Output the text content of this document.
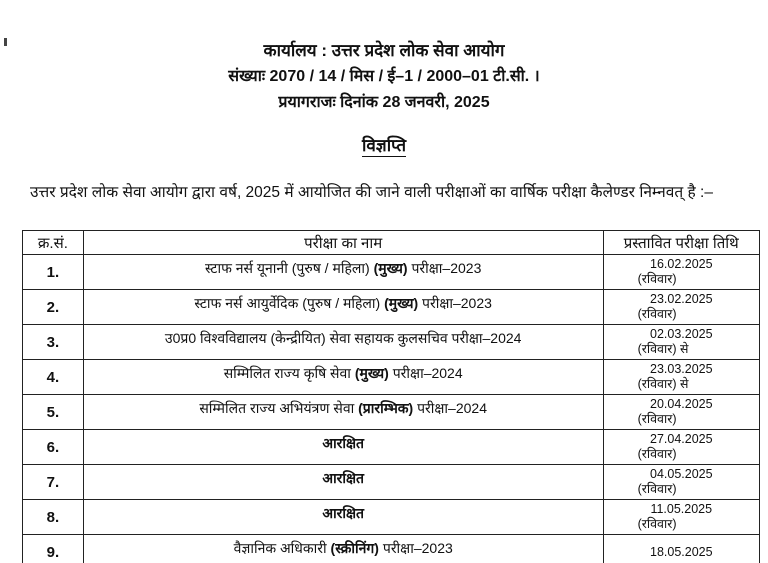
कार्यालय : उत्तर प्रदेश लोक सेवा आयोग
संख्याः 2070 / 14 / मिस / ई–1 / 2000–01 टी.सी. ।
प्रयागराजः दिनांक 28 जनवरी, 2025
विज्ञप्ति
उत्तर प्रदेश लोक सेवा आयोग द्वारा वर्ष, 2025 में आयोजित की जाने वाली परीक्षाओं का वार्षिक परीक्षा कैलेण्डर निम्नवत् है :–
क्र.सं.	परीक्षा का नाम	प्रस्तावित परीक्षा तिथि
1.	स्टाफ नर्स यूनानी (पुरुष / महिला) (मुख्य) परीक्षा–2023	16.02.2025
(रविवार)

2.	स्टाफ नर्स आयुर्वेदिक (पुरुष / महिला) (मुख्य) परीक्षा–2023	23.02.2025
(रविवार)

3.	उ0प्र0 विश्वविद्यालय (केन्द्रीयित) सेवा सहायक कुलसचिव परीक्षा–2024	02.03.2025
(रविवार) से

4.	सम्मिलित राज्य कृषि सेवा (मुख्य) परीक्षा–2024	23.03.2025
(रविवार) से

5.	सम्मिलित राज्य अभियंत्रण सेवा (प्रारम्भिक) परीक्षा–2024	20.04.2025
(रविवार)

6.	आरक्षित	27.04.2025
(रविवार)

7.	आरक्षित	04.05.2025
(रविवार)

8.	आरक्षित	11.05.2025
(रविवार)

9.	वैज्ञानिक अधिकारी (स्क्रीनिंग) परीक्षा–2023	18.05.2025
